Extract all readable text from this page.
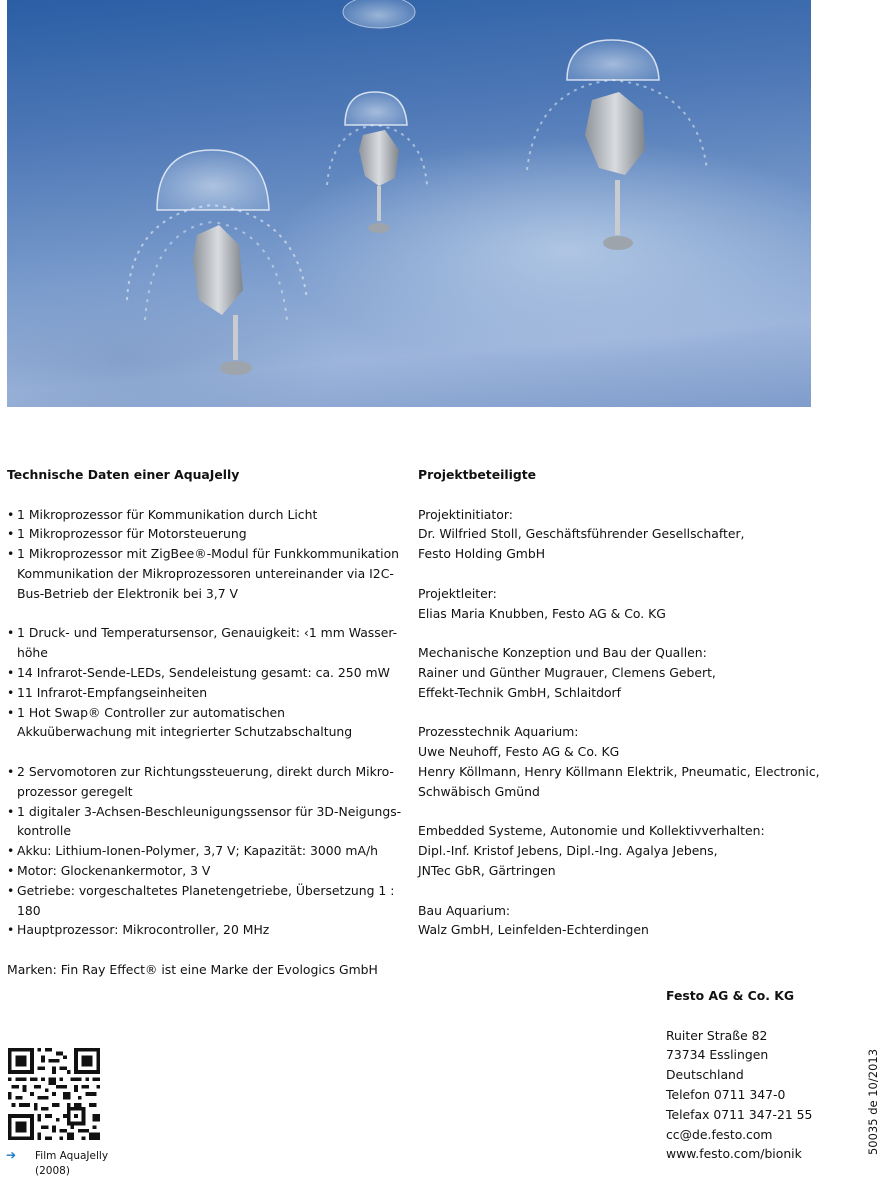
Technische Daten einer AquaJelly
• 1 Mikroprozessor für Kommunikation durch Licht
• 1 Mikroprozessor für Motorsteuerung
• 1 Mikroprozessor mit ZigBee®-Modul für Funkkommunikation Kommunikation der Mikroprozessoren untereinander via I2C-Bus-Betrieb der Elektronik bei 3,7 V
• 1 Druck- und Temperatursensor, Genauigkeit: ‹1 mm Wasser-höhe
• 14 Infrarot-Sende-LEDs, Sendeleistung gesamt: ca. 250 mW
• 11 Infrarot-Empfangseinheiten
• 1 Hot Swap® Controller zur automatischen Akkuüberwachung mit integrierter Schutzabschaltung
• 2 Servomotoren zur Richtungssteuerung, direkt durch Mikro-prozessor geregelt
• 1 digitaler 3-Achsen-Beschleunigungssensor für 3D-Neigungs-kontrolle
• Akku: Lithium-Ionen-Polymer, 3,7 V; Kapazität: 3000 mA/h
• Motor: Glockenankermotor, 3 V
• Getriebe: vorgeschaltetes Planetengetriebe, Übersetzung 1 : 180
• Hauptprozessor: Mikrocontroller, 20 MHz
Marken: Fin Ray Effect® ist eine Marke der Evologics GmbH
Projektbeteiligte
Projektinitiator:
Dr. Wilfried Stoll, Geschäftsführender Gesellschafter,
Festo Holding GmbH
Projektleiter:
Elias Maria Knubben, Festo AG & Co. KG
Mechanische Konzeption und Bau der Quallen:
Rainer und Günther Mugrauer, Clemens Gebert,
Effekt-Technik GmbH, Schlaitdorf
Prozesstechnik Aquarium:
Uwe Neuhoff, Festo AG & Co. KG
Henry Köllmann, Henry Köllmann Elektrik, Pneumatic, Electronic,
Schwäbisch Gmünd
Embedded Systeme, Autonomie und Kollektivverhalten:
Dipl.-Inf. Kristof Jebens, Dipl.-Ing. Agalya Jebens,
JNTec GbR, Gärtringen
Bau Aquarium:
Walz GmbH, Leinfelden-Echterdingen
Festo AG & Co. KG
Ruiter Straße 82
73734 Esslingen
Deutschland
Telefon 0711 347-0
Telefax 0711 347-21 55
cc@de.festo.com
www.festo.com/bionik
➔ Film AquaJelly
(2008)
50035 de 10/2013
